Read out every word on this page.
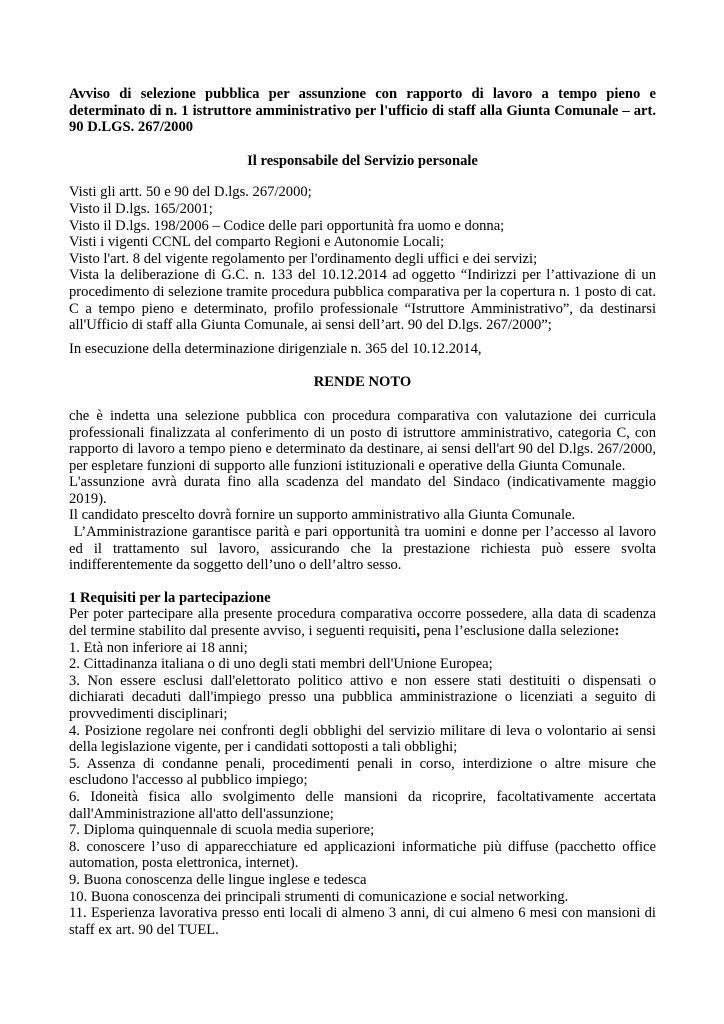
Avviso di selezione pubblica per assunzione con rapporto di lavoro a tempo pieno e determinato di n. 1 istruttore amministrativo per l'ufficio di staff alla Giunta Comunale – art. 90 D.LGS. 267/2000

Il responsabile del Servizio personale

Visti gli artt. 50 e 90 del D.lgs. 267/2000;

Visto il D.lgs. 165/2001;

Visto il D.lgs. 198/2006 – Codice delle pari opportunità fra uomo e donna;

Visti i vigenti CCNL del comparto Regioni e Autonomie Locali;

Visto l'art. 8 del vigente regolamento per l'ordinamento degli uffici e dei servizi;

Vista la deliberazione di G.C. n. 133 del 10.12.2014 ad oggetto “Indirizzi per l’attivazione di un procedimento di selezione tramite procedura pubblica comparativa per la copertura n. 1 posto di cat. C a tempo pieno e determinato, profilo professionale “Istruttore Amministrativo”, da destinarsi all'Ufficio di staff alla Giunta Comunale, ai sensi dell’art. 90 del D.lgs. 267/2000”;

In esecuzione della determinazione dirigenziale n. 365 del 10.12.2014,

RENDE NOTO

che è indetta una selezione pubblica con procedura comparativa con valutazione dei curricula professionali finalizzata al conferimento di un posto di istruttore amministrativo, categoria C, con rapporto di lavoro a tempo pieno e determinato da destinare, ai sensi dell'art 90 del D.lgs. 267/2000, per espletare funzioni di supporto alle funzioni istituzionali e operative della Giunta Comunale.

L'assunzione avrà durata fino alla scadenza del mandato del Sindaco (indicativamente maggio 2019).

Il candidato prescelto dovrà fornire un supporto amministrativo alla Giunta Comunale.

L’Amministrazione garantisce parità e pari opportunità tra uomini e donne per l’accesso al lavoro ed il trattamento sul lavoro, assicurando che la prestazione richiesta può essere svolta indifferentemente da soggetto dell’uno o dell’altro sesso.

1 Requisiti per la partecipazione

Per poter partecipare alla presente procedura comparativa occorre possedere, alla data di scadenza del termine stabilito dal presente avviso, i seguenti requisiti, pena l’esclusione dalla selezione:

1. Età non inferiore ai 18 anni;

2. Cittadinanza italiana o di uno degli stati membri dell'Unione Europea;

3. Non essere esclusi dall'elettorato politico attivo e non essere stati destituiti o dispensati o dichiarati decaduti dall'impiego presso una pubblica amministrazione o licenziati a seguito di provvedimenti disciplinari;

4. Posizione regolare nei confronti degli obblighi del servizio militare di leva o volontario ai sensi della legislazione vigente, per i candidati sottoposti a tali obblighi;

5. Assenza di condanne penali, procedimenti penali in corso, interdizione o altre misure che escludono l'accesso al pubblico impiego;

6. Idoneità fisica allo svolgimento delle mansioni da ricoprire, facoltativamente accertata dall'Amministrazione all'atto dell'assunzione;

7. Diploma quinquennale di scuola media superiore;

8. conoscere l’uso di apparecchiature ed applicazioni informatiche più diffuse (pacchetto office automation, posta elettronica, internet).

9. Buona conoscenza delle lingue inglese e tedesca

10. Buona conoscenza dei principali strumenti di comunicazione e social networking.

11. Esperienza lavorativa presso enti locali di almeno 3 anni, di cui almeno 6 mesi con mansioni di staff ex art. 90 del TUEL.
